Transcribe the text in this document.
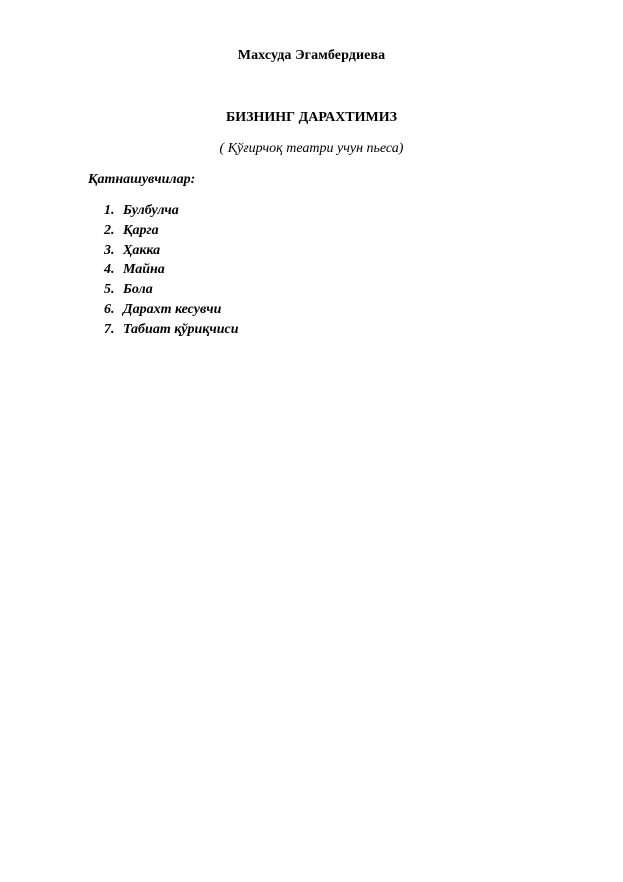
Махсуда Эгамбердиева
БИЗНИНГ ДАРАХТИМИЗ
( Қўғирчоқ театри учун пьеса)
Қатнашувчилар:
1. Булбулча
2. Қарга
3. Ҳакка
4. Майна
5. Бола
6. Дарахт кесувчи
7. Табиат қўриқчиси
